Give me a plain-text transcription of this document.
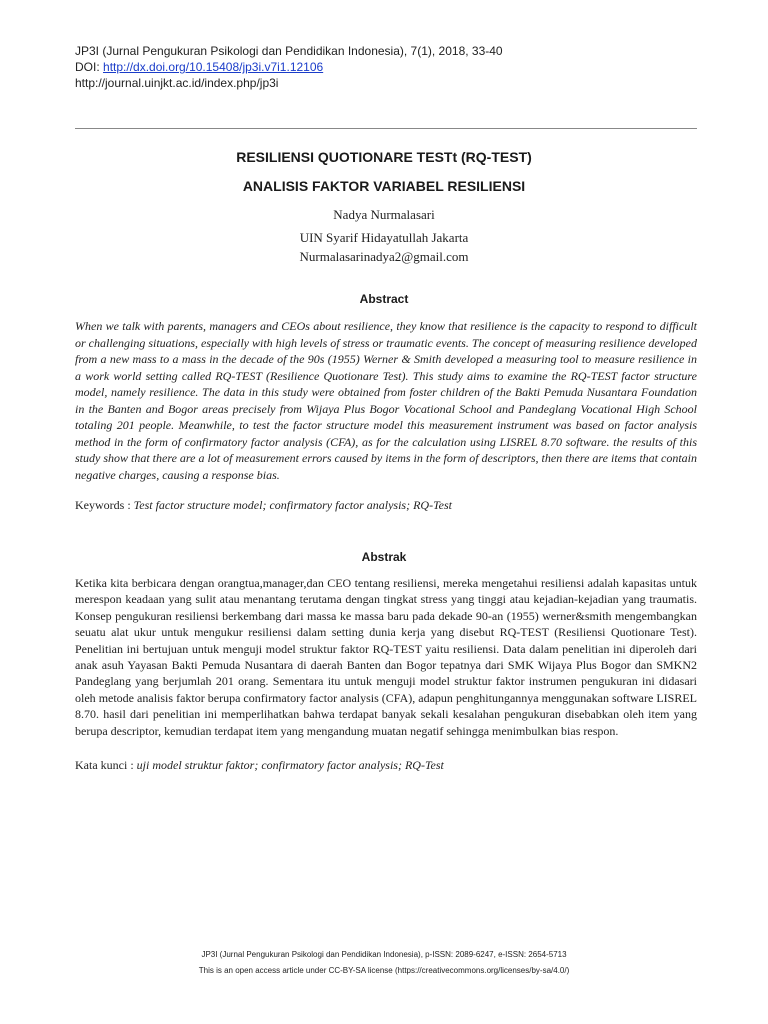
JP3I (Jurnal Pengukuran Psikologi dan Pendidikan Indonesia), 7(1), 2018, 33-40
DOI: http://dx.doi.org/10.15408/jp3i.v7i1.12106
http://journal.uinjkt.ac.id/index.php/jp3i
RESILIENSI QUOTIONARE TESTt (RQ-TEST)
ANALISIS FAKTOR VARIABEL RESILIENSI
Nadya Nurmalasari
UIN Syarif Hidayatullah Jakarta
Nurmalasarinadya2@gmail.com
Abstract
When we talk with parents, managers and CEOs about resilience, they know that resilience is the capacity to respond to difficult or challenging situations, especially with high levels of stress or traumatic events. The concept of measuring resilience developed from a new mass to a mass in the decade of the 90s (1955) Werner & Smith developed a measuring tool to measure resilience in a work world setting called RQ-TEST (Resilience Quotionare Test). This study aims to examine the RQ-TEST factor structure model, namely resilience. The data in this study were obtained from foster children of the Bakti Pemuda Nusantara Foundation in the Banten and Bogor areas precisely from Wijaya Plus Bogor Vocational School and Pandeglang Vocational High School totaling 201 people. Meanwhile, to test the factor structure model this measurement instrument was based on factor analysis method in the form of confirmatory factor analysis (CFA), as for the calculation using LISREL 8.70 software. the results of this study show that there are a lot of measurement errors caused by items in the form of descriptors, then there are items that contain negative charges, causing a response bias.
Keywords : Test factor structure model; confirmatory factor analysis; RQ-Test
Abstrak
Ketika kita berbicara dengan orangtua,manager,dan CEO tentang resiliensi, mereka mengetahui resiliensi adalah kapasitas untuk merespon keadaan yang sulit atau menantang terutama dengan tingkat stress yang tinggi atau kejadian-kejadian yang traumatis. Konsep pengukuran resiliensi berkembang dari massa ke massa baru pada dekade 90-an (1955) werner&smith mengembangkan seuatu alat ukur untuk mengukur resiliensi dalam setting dunia kerja yang disebut RQ-TEST (Resiliensi Quotionare Test). Penelitian ini bertujuan untuk menguji model struktur faktor RQ-TEST yaitu resiliensi. Data dalam penelitian ini diperoleh dari anak asuh Yayasan Bakti Pemuda Nusantara di daerah Banten dan Bogor tepatnya dari SMK Wijaya Plus Bogor dan SMKN2 Pandeglang yang berjumlah 201 orang. Sementara itu untuk menguji model struktur faktor instrumen pengukuran ini didasari oleh metode analisis faktor berupa confirmatory factor analysis (CFA), adapun penghitungannya menggunakan software LISREL 8.70. hasil dari penelitian ini memperlihatkan bahwa terdapat banyak sekali kesalahan pengukuran disebabkan oleh item yang berupa descriptor, kemudian terdapat item yang mengandung muatan negatif sehingga menimbulkan bias respon.
Kata kunci : uji model struktur faktor; confirmatory factor analysis; RQ-Test
JP3I (Jurnal Pengukuran Psikologi dan Pendidikan Indonesia), p-ISSN: 2089-6247, e-ISSN: 2654-5713
This is an open access article under CC-BY-SA license (https://creativecommons.org/licenses/by-sa/4.0/)
